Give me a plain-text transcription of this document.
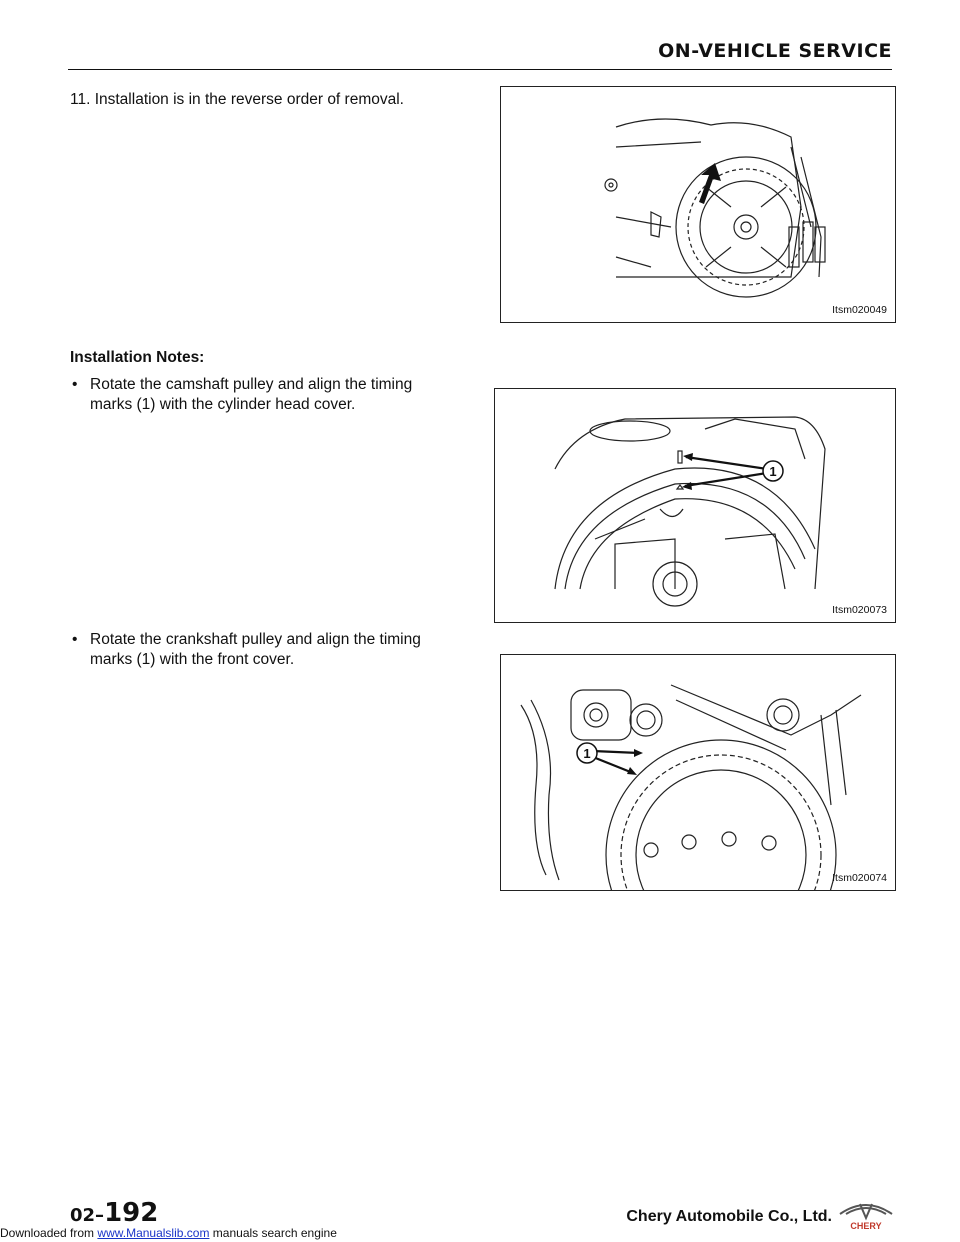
ON-VEHICLE SERVICE
11. Installation is in the reverse order of removal.
Installation Notes:
• Rotate the camshaft pulley and align the timing marks (1) with the cylinder head cover.
• Rotate the crankshaft pulley and align the timing marks (1) with the front cover.
Itsm020049
1
Itsm020073
1
Itsm020074
02–192	Chery Automobile Co., Ltd.
CHERY
Downloaded from www.Manualslib.com manuals search engine
